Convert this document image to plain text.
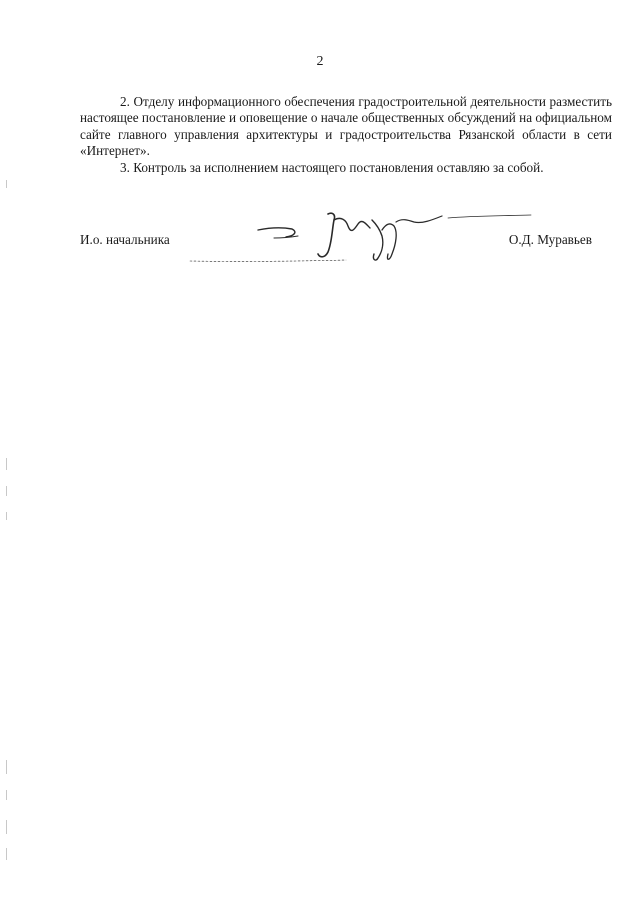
2

2. Отделу информационного обеспечения градостроительной деятельности разместить настоящее постановление и оповещение о начале общественных обсуждений на официальном сайте главного управления архитектуры и градостроительства Рязанской области в сети «Интернет».

3. Контроль за исполнением настоящего постановления оставляю за собой.

И.о. начальника	О.Д. Муравьев
